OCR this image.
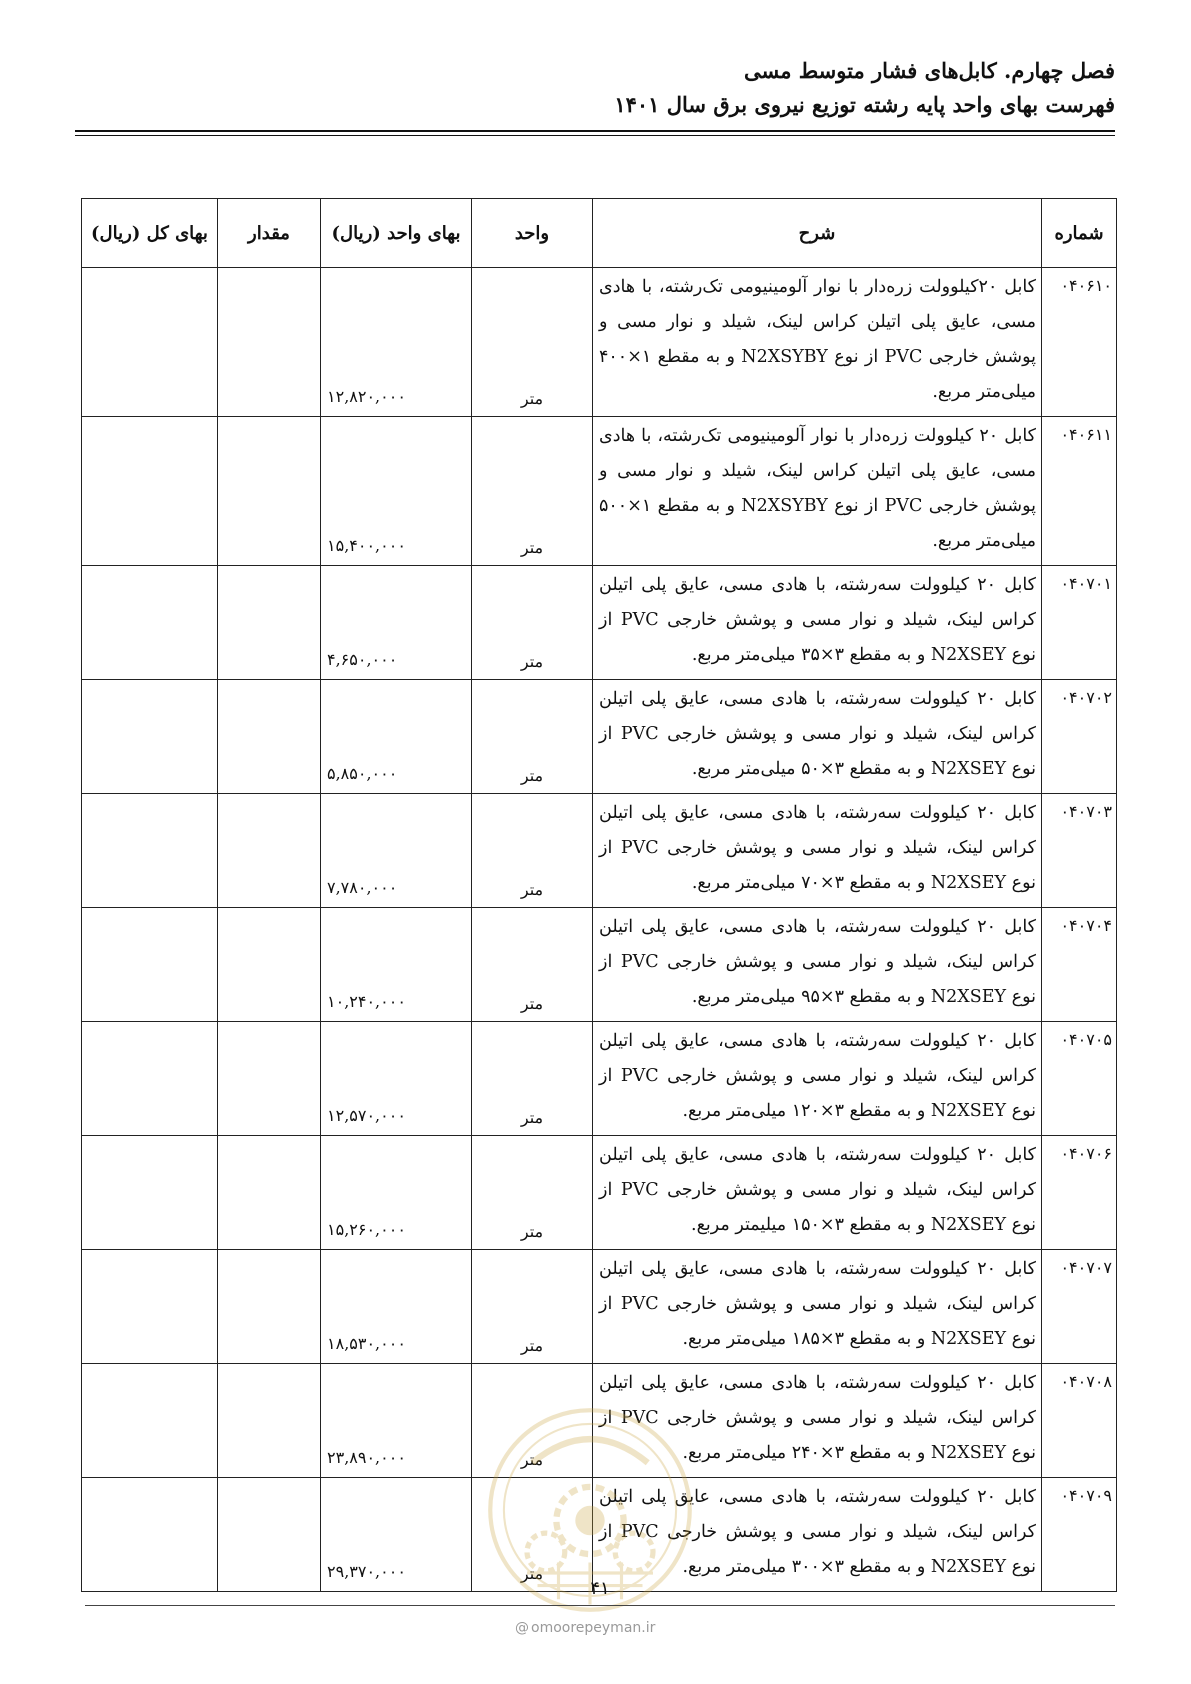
فصل چهارم. کابل‌های فشار متوسط مسی
فهرست بهای واحد پایه رشته توزیع نیروی برق سال ۱۴۰۱
شماره	شرح	واحد	بهای واحد (ریال)	مقدار	بهای کل (ریال)
۰۴۰۶۱۰	کابل ۲۰کیلوولت زره‌دار با نوار آلومینیومی تک‌رشته، با هادی مسی، عایق پلی اتیلن کراس لینک، شیلد و نوار مسی و پوشش خارجی PVC از نوع N2XSYBY و به مقطع ۱×۴۰۰ میلی‌متر مربع.	متر	۱۲,۸۲۰,۰۰۰		
۰۴۰۶۱۱	کابل ۲۰ کیلوولت زره‌دار با نوار آلومینیومی تک‌رشته، با هادی مسی، عایق پلی اتیلن کراس لینک، شیلد و نوار مسی و پوشش خارجی PVC از نوع N2XSYBY و به مقطع ۱×۵۰۰ میلی‌متر مربع.	متر	۱۵,۴۰۰,۰۰۰		
۰۴۰۷۰۱	کابل ۲۰ کیلوولت سه‌رشته، با هادی مسی، عایق پلی اتیلن کراس لینک، شیلد و نوار مسی و پوشش خارجی PVC از نوع N2XSEY و به مقطع ۳×۳۵ میلی‌متر مربع.	متر	۴,۶۵۰,۰۰۰		
۰۴۰۷۰۲	کابل ۲۰ کیلوولت سه‌رشته، با هادی مسی، عایق پلی اتیلن کراس لینک، شیلد و نوار مسی و پوشش خارجی PVC از نوع N2XSEY و به مقطع ۳×۵۰ میلی‌متر مربع.	متر	۵,۸۵۰,۰۰۰		
۰۴۰۷۰۳	کابل ۲۰ کیلوولت سه‌رشته، با هادی مسی، عایق پلی اتیلن کراس لینک، شیلد و نوار مسی و پوشش خارجی PVC از نوع N2XSEY و به مقطع ۳×۷۰ میلی‌متر مربع.	متر	۷,۷۸۰,۰۰۰		
۰۴۰۷۰۴	کابل ۲۰ کیلوولت سه‌رشته، با هادی مسی، عایق پلی اتیلن کراس لینک، شیلد و نوار مسی و پوشش خارجی PVC از نوع N2XSEY و به مقطع ۳×۹۵ میلی‌متر مربع.	متر	۱۰,۲۴۰,۰۰۰		
۰۴۰۷۰۵	کابل ۲۰ کیلوولت سه‌رشته، با هادی مسی، عایق پلی اتیلن کراس لینک، شیلد و نوار مسی و پوشش خارجی PVC از نوع N2XSEY و به مقطع ۳×۱۲۰ میلی‌متر مربع.	متر	۱۲,۵۷۰,۰۰۰		
۰۴۰۷۰۶	کابل ۲۰ کیلوولت سه‌رشته، با هادی مسی، عایق پلی اتیلن کراس لینک، شیلد و نوار مسی و پوشش خارجی PVC از نوع N2XSEY و به مقطع ۳×۱۵۰ میلیمتر مربع.	متر	۱۵,۲۶۰,۰۰۰		
۰۴۰۷۰۷	کابل ۲۰ کیلوولت سه‌رشته، با هادی مسی، عایق پلی اتیلن کراس لینک، شیلد و نوار مسی و پوشش خارجی PVC از نوع N2XSEY و به مقطع ۳×۱۸۵ میلی‌متر مربع.	متر	۱۸,۵۳۰,۰۰۰		
۰۴۰۷۰۸	کابل ۲۰ کیلوولت سه‌رشته، با هادی مسی، عایق پلی اتیلن کراس لینک، شیلد و نوار مسی و پوشش خارجی PVC از نوع N2XSEY و به مقطع ۳×۲۴۰ میلی‌متر مربع.	متر	۲۳,۸۹۰,۰۰۰		
۰۴۰۷۰۹	کابل ۲۰ کیلوولت سه‌رشته، با هادی مسی، عایق پلی اتیلن کراس لینک، شیلد و نوار مسی و پوشش خارجی PVC از نوع N2XSEY و به مقطع ۳×۳۰۰ میلی‌متر مربع.	متر	۲۹,۳۷۰,۰۰۰		
۴۱
@ omoorepeyman.ir
